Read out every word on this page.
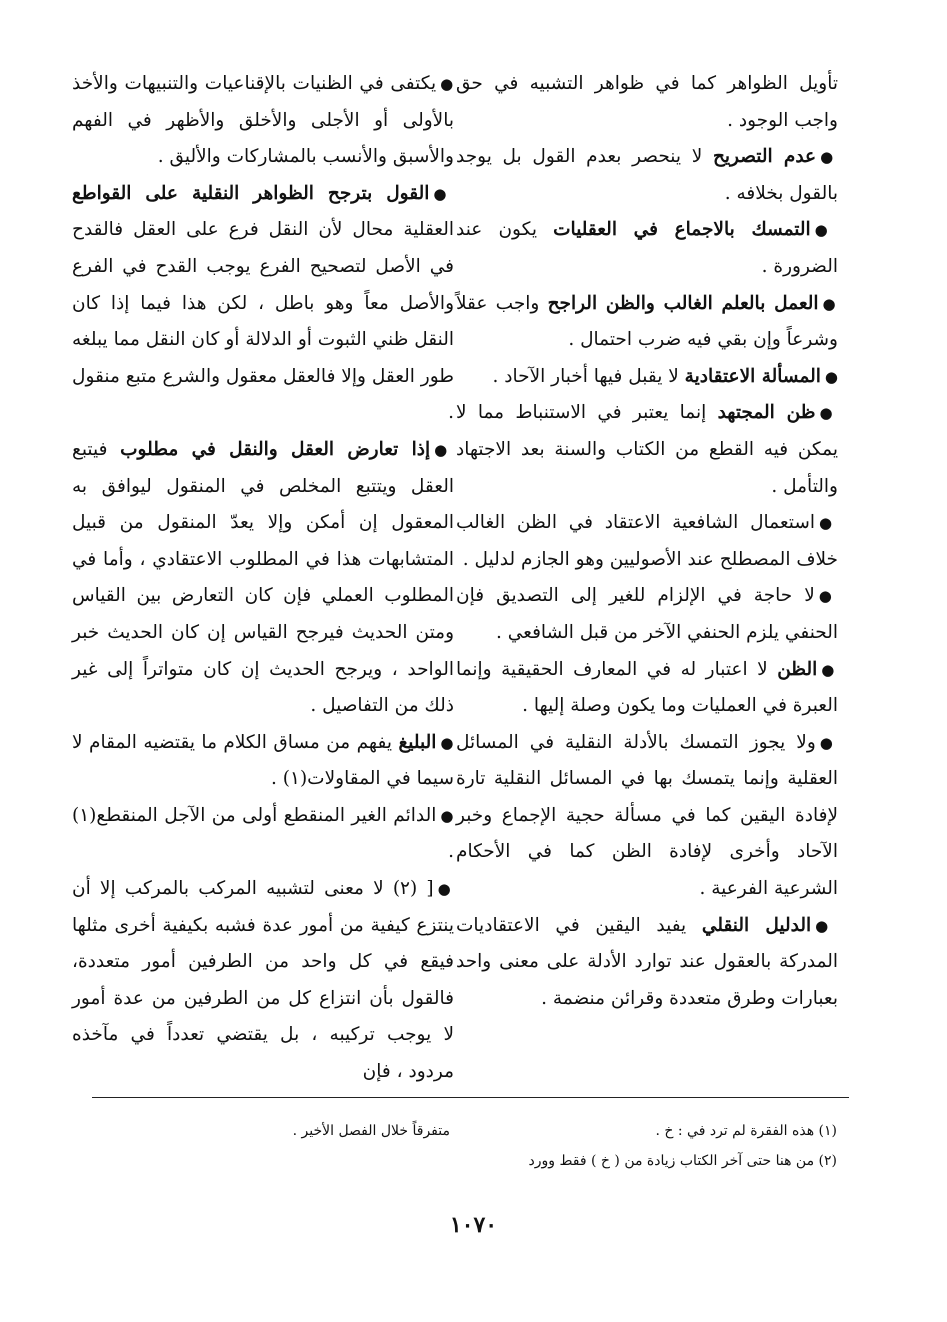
تأويل الظواهر كما في ظواهر التشبيه في حق واجب الوجود .

●عدم التصريح لا ينحصر بعدم القول بل يوجد بالقول بخلافه .

●التمسك بالاجماع في العقليات يكون عند الضرورة .

●العمل بالعلم الغالب والظن الراجح واجب عقلاً وشرعاً وإن بقي فيه ضرب احتمال .

●المسألة الاعتقادية لا يقبل فيها أخبار الآحاد .

●ظن المجتهد إنما يعتبر في الاستنباط مما لا يمكن فيه القطع من الكتاب والسنة بعد الاجتهاد والتأمل .

●استعمال الشافعية الاعتقاد في الظن الغالب خلاف المصطلح عند الأصوليين وهو الجازم لدليل .

●لا حاجة في الإلزام للغير إلى التصديق فإن الحنفي يلزم الحنفي الآخر من قبل الشافعي .

●الظن لا اعتبار له في المعارف الحقيقية وإنما العبرة في العمليات وما يكون وصلة إليها .

●ولا يجوز التمسك بالأدلة النقلية في المسائل العقلية وإنما يتمسك بها في المسائل النقلية تارة لإفادة اليقين كما في مسألة حجية الإجماع وخبر الآحاد وأخرى لإفادة الظن كما في الأحكام الشرعية الفرعية .

●الدليل النقلي يفيد اليقين في الاعتقاديات المدركة بالعقول عند توارد الأدلة على معنى واحد بعبارات وطرق متعددة وقرائن منضمة .

●يكتفى في الظنيات بالإقناعيات والتنبيهات والأخذ بالأولى أو الأجلى والأخلق والأظهر في الفهم والأسبق والأنسب بالمشاركات والأليق .

●القول بترجح الظواهر النقلية على القواطع العقلية محال لأن النقل فرع على العقل فالقدح في الأصل لتصحيح الفرع يوجب القدح في الفرع والأصل معاً وهو باطل ، لكن هذا فيما إذا كان النقل ظني الثبوت أو الدلالة أو كان النقل مما يبلغه طور العقل وإلا فالعقل معقول والشرع متبع منقول .

●إذا تعارض العقل والنقل في مطلوب فيتبع العقل ويتتبع المخلص في المنقول ليوافق به المعقول إن أمكن وإلا يعدّ المنقول من قبيل المتشابهات هذا في المطلوب الاعتقادي ، وأما في المطلوب العملي فإن كان التعارض بين القياس ومتن الحديث فيرجح القياس إن كان الحديث خبر الواحد ، ويرجح الحديث إن كان متواتراً إلى غير ذلك من التفاصيل .

●البليغ يفهم من مساق الكلام ما يقتضيه المقام لا سيما في المقاولات(١) .

●الدائم الغير المنقطع أولى من الآجل المنقطع(١) .

●[ (٢) لا معنى لتشبيه المركب بالمركب إلا أن ينتزع كيفية من أمور عدة فشبه بكيفية أخرى مثلها فيقع في كل واحد من الطرفين أمور متعددة، فالقول بأن انتزاع كل من الطرفين من عدة أمور لا يوجب تركيبه ، بل يقتضي تعدداً في مآخذه مردود ، فإن

(١) هذه الفقرة لم ترد في : خ .
(٢) من هنا حتى آخر الكتاب زيادة من ( خ ) فقط وورد
متفرقاً خلال الفصل الأخير .
١٠٧٠
